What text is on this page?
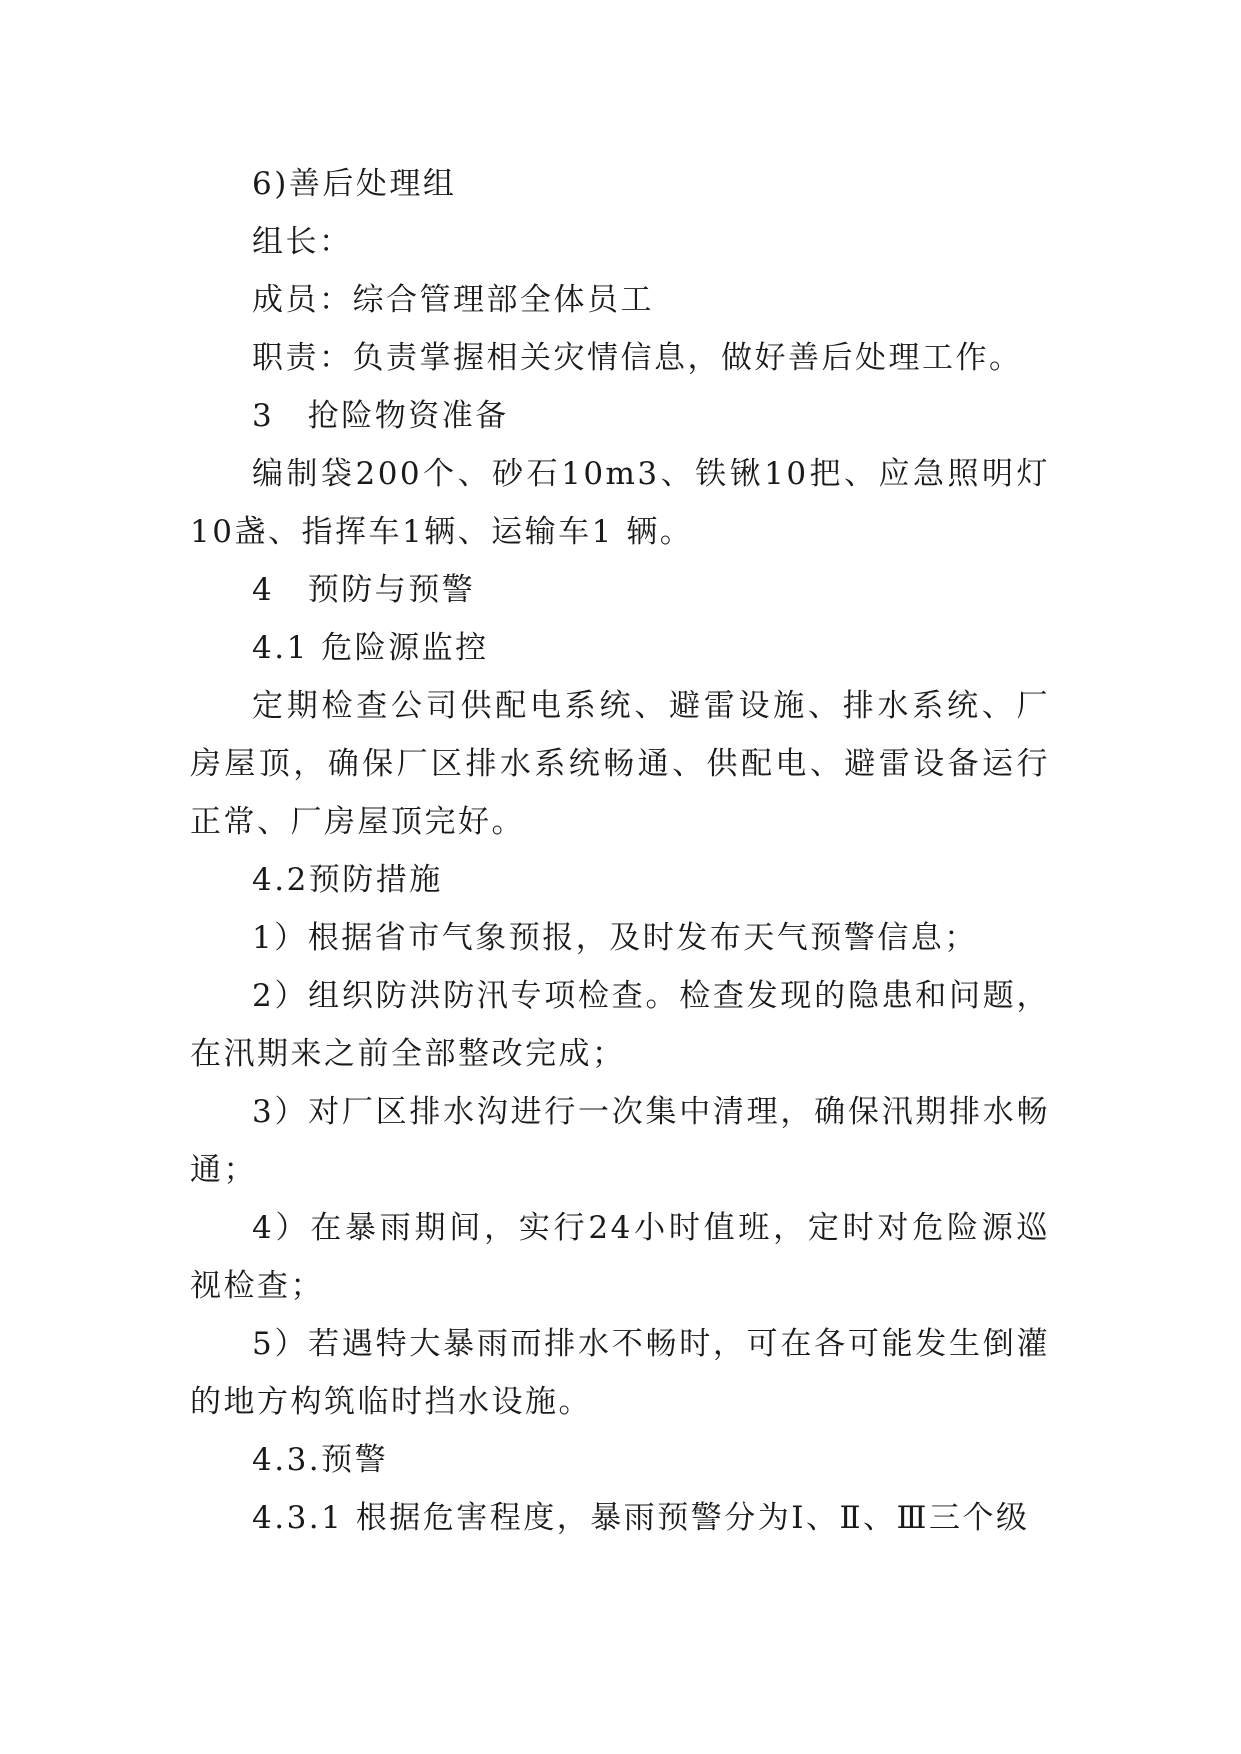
6)善后处理组

组长：

成员：综合管理部全体员工

职责：负责掌握相关灾情信息，做好善后处理工作。

3　抢险物资准备

编制袋200个、砂石10m3、铁锹10把、应急照明灯10盏、指挥车1辆、运输车1 辆。

4　预防与预警

4.1 危险源监控

定期检查公司供配电系统、避雷设施、排水系统、厂房屋顶，确保厂区排水系统畅通、供配电、避雷设备运行正常、厂房屋顶完好。

4.2预防措施

1）根据省市气象预报，及时发布天气预警信息；

2）组织防洪防汛专项检查。检查发现的隐患和问题，在汛期来之前全部整改完成；

3）对厂区排水沟进行一次集中清理，确保汛期排水畅通；

4）在暴雨期间，实行24小时值班，定时对危险源巡视检查；

5）若遇特大暴雨而排水不畅时，可在各可能发生倒灌的地方构筑临时挡水设施。

4.3.预警

4.3.1 根据危害程度，暴雨预警分为Ⅰ、Ⅱ、Ⅲ三个级
